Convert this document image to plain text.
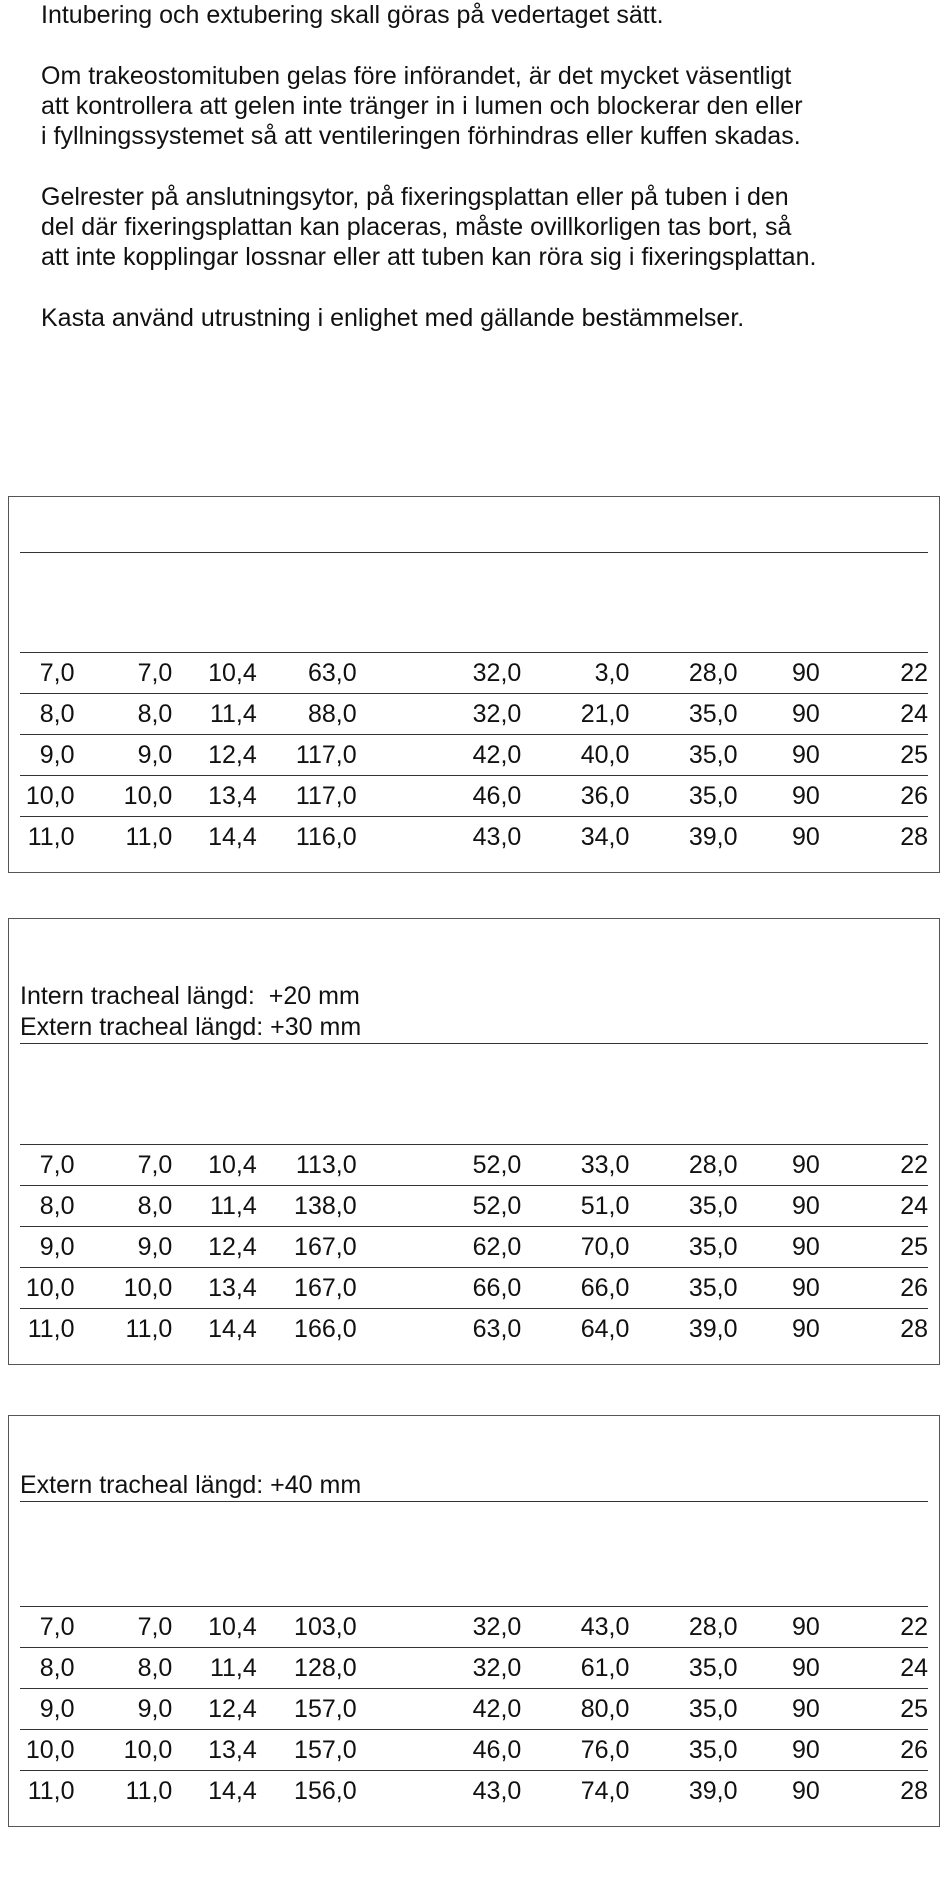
Intubering och extubering skall göras på vedertaget sätt.

Om trakeostomituben gelas före införandet, är det mycket väsentligt
att kontrollera att gelen inte tränger in i lumen och blockerar den eller
i fyllningssystemet så att ventileringen förhindras eller kuffen skadas.

Gelrester på anslutningsytor, på fixeringsplattan eller på tuben i den
del där fixeringsplattan kan placeras, måste ovillkorligen tas bort, så
att inte kopplingar lossnar eller att tuben kan röra sig i fixeringsplattan.

Kasta använd utrustning i enlighet med gällande bestämmelser.

7,0	7,0	10,4	63,0	32,0	3,0	28,0	90	22
8,0	8,0	11,4	88,0	32,0	21,0	35,0	90	24
9,0	9,0	12,4	117,0	42,0	40,0	35,0	90	25
10,0	10,0	13,4	117,0	46,0	36,0	35,0	90	26
11,0	11,0	14,4	116,0	43,0	34,0	39,0	90	28
Intern tracheal längd:  +20 mm
Extern tracheal längd: +30 mm
7,0	7,0	10,4	113,0	52,0	33,0	28,0	90	22
8,0	8,0	11,4	138,0	52,0	51,0	35,0	90	24
9,0	9,0	12,4	167,0	62,0	70,0	35,0	90	25
10,0	10,0	13,4	167,0	66,0	66,0	35,0	90	26
11,0	11,0	14,4	166,0	63,0	64,0	39,0	90	28
Extern tracheal längd: +40 mm
7,0	7,0	10,4	103,0	32,0	43,0	28,0	90	22
8,0	8,0	11,4	128,0	32,0	61,0	35,0	90	24
9,0	9,0	12,4	157,0	42,0	80,0	35,0	90	25
10,0	10,0	13,4	157,0	46,0	76,0	35,0	90	26
11,0	11,0	14,4	156,0	43,0	74,0	39,0	90	28
